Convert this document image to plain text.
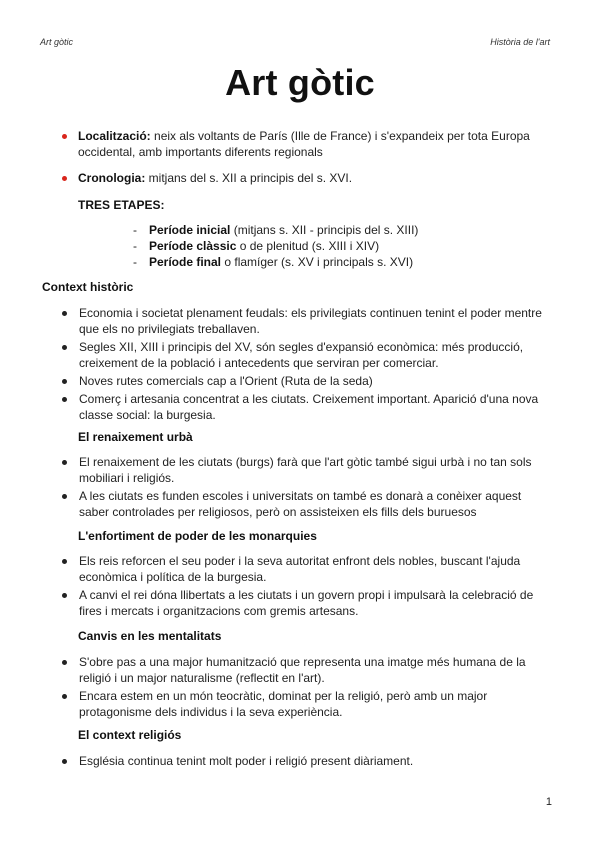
Art gòtic	Història de l'art
Art gòtic
Localització: neix als voltants de París (Ille de France) i s'expandeix per tota Europa occidental, amb importants diferents regionals
Cronologia: mitjans del s. XII a principis del s. XVI.
TRES ETAPES:
- Període inicial (mitjans s. XII - principis del s. XIII)
- Període clàssic o de plenitud (s. XIII i XIV)
- Període final o flamíger (s. XV i principals s. XVI)
Context històric
Economia i societat plenament feudals: els privilegiats continuen tenint el poder mentre que els no privilegiats treballaven.
Segles XII, XIII i principis del XV, són segles d'expansió econòmica: més producció, creixement de la població i antecedents que serviran per comerciar.
Noves rutes comercials cap a l'Orient (Ruta de la seda)
Comerç i artesania concentrat a les ciutats. Creixement important. Aparició d'una nova classe social: la burgesia.
El renaixement urbà
El renaixement de les ciutats (burgs) farà que l'art gòtic també sigui urbà i no tan sols mobiliari i religiós.
A les ciutats es funden escoles i universitats on també es donarà a conèixer aquest saber controlades per religiosos, però on assisteixen els fills dels buruesos
L'enfortiment de poder de les monarquies
Els reis reforcen el seu poder i la seva autoritat enfront dels nobles, buscant l'ajuda econòmica i política de la burgesia.
A canvi el rei dóna llibertats a les ciutats i un govern propi i impulsarà la celebració de fires i mercats i organitzacions com gremis artesans.
Canvis en les mentalitats
S'obre pas a una major humanització que representa una imatge més humana de la religió i un major naturalisme (reflectit en l'art).
Encara estem en un món teocràtic, dominat per la religió, però amb un major protagonisme dels individus i la seva experiència.
El context religiós
Església continua tenint molt poder i religió present diàriament.
1
